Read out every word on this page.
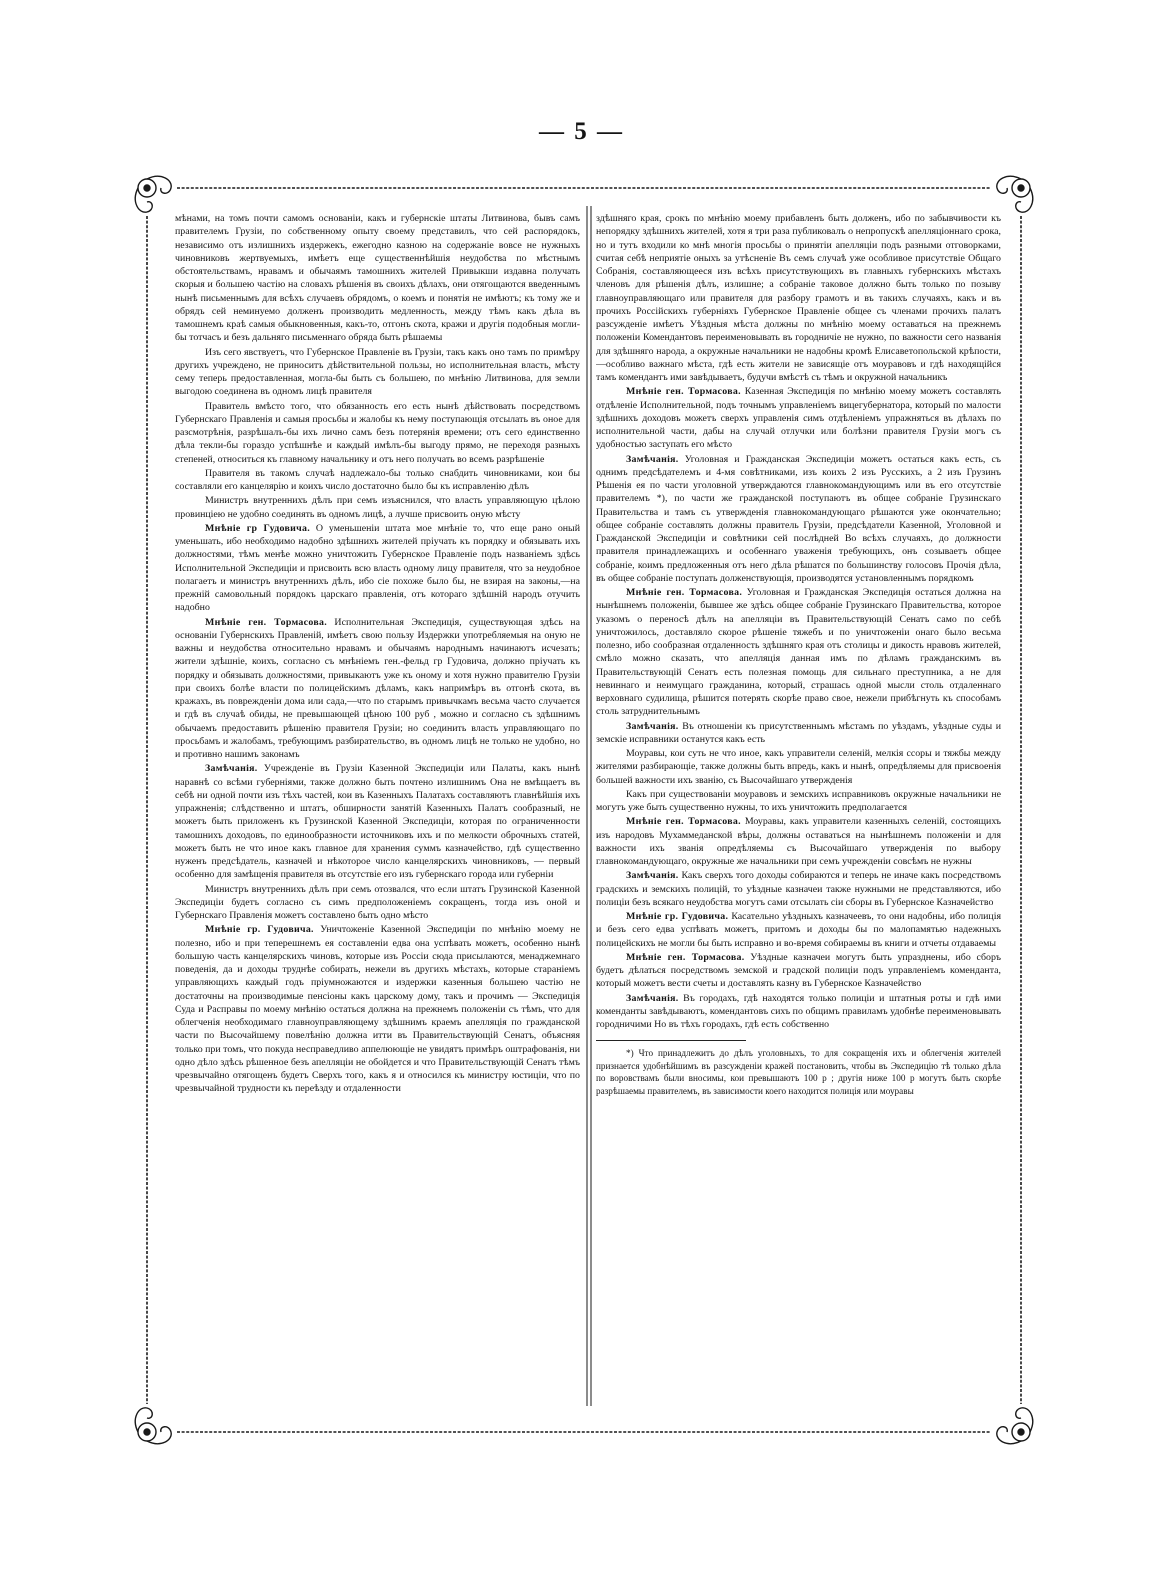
— 5 —

мѣнами, на томъ почти самомъ основаніи, какъ и губернскіе штаты Литвинова, бывъ самъ правителемъ Грузіи, по собственному опыту своему представилъ, что сей распорядокъ, независимо отъ излишнихъ издержекъ, ежегодно казною на содержаніе вовсе не нужныхъ чиновниковъ жертвуемыхъ, имѣетъ еще существеннѣйшія неудобства по мѣстнымъ обстоятельствамъ, нравамъ и обычаямъ тамошнихъ жителей Привыкши издавна получать скорыя и большею частію на словахъ рѣшенія въ своихъ дѣлахъ, они отягощаются введеннымъ нынѣ письменнымъ для всѣхъ случаевъ обрядомъ, о коемъ и понятія не имѣютъ; къ тому же и обрядъ сей неминуемо долженъ производить медленность, между тѣмъ какъ дѣла въ тамошнемъ краѣ самыя обыкновенныя, какъ-то, отгонъ скота, кражи и другія подобныя могли-бы тотчасъ и безъ дальняго письменнаго обряда быть рѣшаемы

Изъ сего явствуетъ, что Губернское Правленіе въ Грузіи, такъ какъ оно тамъ по примѣру другихъ учреждено, не приноситъ дѣйствительной пользы, но исполнительная власть, мѣсту сему теперь предоставленная, могла-бы быть съ большею, по мнѣнію Литвинова, для земли выгодою соединена въ одномъ лицѣ правителя

Правитель вмѣсто того, что обязанность его есть нынѣ дѣйствовать посредствомъ Губернскаго Правленія и самыя просьбы и жалобы къ нему поступающія отсылать въ оное для разсмотрѣнія, разрѣшалъ-бы ихъ лично самъ безъ потерянія времени; отъ сего единственно дѣла текли-бы гораздо успѣшнѣе и каждый имѣлъ-бы выгоду прямо, не переходя разныхъ степеней, относиться къ главному начальнику и отъ него получать во всемъ разрѣшеніе

Правителя въ такомъ случаѣ надлежало-бы только снабдить чиновниками, кои бы составляли его канцелярію и коихъ число достаточно было бы къ исправленію дѣлъ

Министръ внутреннихъ дѣлъ при семъ изъяснился, что власть управляющую цѣлою провинціею не удобно соединять въ одномъ лицѣ, а лучше присвоить оную мѣсту

Мнѣніе гр Гудовича. О уменьшеніи штата мое мнѣніе то, что еще рано оный уменьшать, ибо необходимо надобно здѣшнихъ жителей пріучать къ порядку и обязывать ихъ должностями, тѣмъ менѣе можно уничтожить Губернское Правленіе подъ названіемъ здѣсь Исполнительной Экспедиціи и присвоить всю власть одному лицу правителя, что за неудобное полагаетъ и министръ внутреннихъ дѣлъ, ибо сіе похоже было бы, не взирая на законы,—на прежній самовольный порядокъ царскаго правленія, отъ котораго здѣшній народъ отучить надобно

Мнѣніе ген. Тормасова. Исполнительная Экспедиція, существующая здѣсь на основаніи Губернскихъ Правленій, имѣетъ свою пользу Издержки употребляемыя на оную не важны и неудобства относительно нравамъ и обычаямъ народнымъ начинаютъ исчезать; жители здѣшніе, коихъ, согласно съ мнѣніемъ ген.-фельд гр Гудовича, должно пріучать къ порядку и обязывать должностями, привыкаютъ уже къ оному и хотя нужно правителю Грузіи при своихъ болѣе власти по полицейскимъ дѣламъ, какъ напримѣръ въ отгонѣ скота, въ кражахъ, въ поврежденіи дома или сада,—что по старымъ привычкамъ весьма часто случается и гдѣ въ случаѣ обиды, не превышающей цѣною 100 руб , можно и согласно съ здѣшнимъ обычаемъ предоставить рѣшенію правителя Грузіи; но соединить власть управляющаго по просьбамъ и жалобамъ, требующимъ разбирательство, въ одномъ лицѣ не только не удобно, но и противно нашимъ законамъ

Замѣчанія. Учрежденіе въ Грузіи Казенной Экспедиціи или Палаты, какъ нынѣ наравнѣ со всѣми губерніями, также должно быть почтено излишнимъ Она не вмѣщаетъ въ себѣ ни одной почти изъ тѣхъ частей, кои въ Казенныхъ Палатахъ составляютъ главнѣйшія ихъ упражненія; слѣдственно и штатъ, обширности занятій Казенныхъ Палатъ сообразный, не можетъ быть приложенъ къ Грузинской Казенной Экспедиціи, которая по ограниченности тамошнихъ доходовъ, по единообразности источниковъ ихъ и по мелкости оброчныхъ статей, можетъ быть не что иное какъ главное для хранения суммъ казначейство, гдѣ существенно нуженъ предсѣдатель, казначей и нѣкоторое число канцелярскихъ чиновниковъ, — первый особенно для замѣщенія правителя въ отсутствіе его изъ губернскаго города или губерніи

Министръ внутреннихъ дѣлъ при семъ отозвался, что если штатъ Грузинской Казенной Экспедиціи будетъ согласно съ симъ предположеніемъ сокращенъ, тогда изъ оной и Губернскаго Правленія можетъ составлено быть одно мѣсто

Мнѣніе гр. Гудовича. Уничтоженіе Казенной Экспедиціи по мнѣнію моему не полезно, ибо и при теперешнемъ ея составленіи едва она успѣвать можетъ, особенно нынѣ большую часть канцелярскихъ чиновъ, которые изъ Россіи сюда присылаются, менаджемнаго поведенія, да и доходы труднѣе собирать, нежели въ другихъ мѣстахъ, которые стараніемъ управляющихъ каждый годъ пріумножаются и издержки казенныя большею частію не достаточны на производимые пенсіоны какъ царскому дому, такъ и прочимъ — Экспедиція Суда и Расправы по моему мнѣнію остаться должна на прежнемъ положеніи съ тѣмъ, что для облегченія необходимаго главноуправляющему здѣшнимъ краемъ апелляція по гражданской части по Высочайшему повелѣнію должна итти въ Правительствующій Сенатъ, объясняя только при томъ, что покуда несправедливо аппелюющіе не увидятъ примѣръ оштрафованія, ни одно дѣло здѣсь рѣшенное безъ апелляціи не обойдется и что Правительствующій Сенатъ тѣмъ чрезвычайно отягощенъ будетъ Сверхъ того, какъ я и относился къ министру юстиціи, что по чрезвычайной трудности къ переѣзду и отдаленности

здѣшняго края, срокъ по мнѣнію моему прибавленъ быть долженъ, ибо по забывчивости къ непорядку здѣшнихъ жителей, хотя я три раза публиковалъ о непропускѣ апелляціоннаго срока, но и тутъ входили ко мнѣ многія просьбы о принятіи апелляціи подъ разными отговорками, считая себѣ неприятіе оныхъ за утѣсненіе Въ семъ случаѣ уже особливое присутствіе Общаго Собранія, составляющееся изъ всѣхъ присутствующихъ въ главныхъ губернскихъ мѣстахъ членовъ для рѣшенія дѣлъ, излишне; а собраніе таковое должно быть только по позыву главноуправляющаго или правителя для разбору грамотъ и въ такихъ случаяхъ, какъ и въ прочихъ Россійскихъ губерніяхъ Губернское Правленіе общее съ членами прочихъ палатъ разсужденіе имѣетъ Уѣздныя мѣста должны по мнѣнію моему оставаться на прежнемъ положеніи Комендантовъ переименовывать въ городничіе не нужно, по важности сего названія для здѣшняго народа, а окружные начальники не надобны кромѣ Елисаветопольской крѣпости,—особливо важнаго мѣста, гдѣ есть жители не зависящіе отъ моуравовъ и гдѣ находящійся тамъ комендантъ ими завѣдываетъ, будучи вмѣстѣ съ тѣмъ и окружной начальникъ

Мнѣніе ген. Тормасова. Казенная Экспедиція по мнѣнію моему можетъ составлять отдѣленіе Исполнительной, подъ точнымъ управленіемъ вицегубернатора, который по малости здѣшнихъ доходовъ можетъ сверхъ управленія симъ отдѣленіемъ упражняться въ дѣлахъ по исполнительной части, дабы на случай отлучки или болѣзни правителя Грузіи могъ съ удобностью заступать его мѣсто

Замѣчанія. Уголовная и Гражданская Экспедиціи можетъ остаться какъ есть, съ однимъ предсѣдателемъ и 4-мя совѣтниками, изъ коихъ 2 изъ Русскихъ, а 2 изъ Грузинъ Рѣшенія ея по части уголовной утверждаются главнокомандующимъ или въ его отсутствіе правителемъ *), по части же гражданской поступаютъ въ общее собраніе Грузинскаго Правительства и тамъ съ утвержденія главнокомандующаго рѣшаются уже окончательно; общее собраніе составлять должны правитель Грузіи, предсѣдатели Казенной, Уголовной и Гражданской Экспедиціи и совѣтники сей послѣдней Во всѣхъ случаяхъ, до должности правителя принадлежащихъ и особеннаго уваженія требующихъ, онъ созываетъ общее собраніе, коимъ предложенныя отъ него дѣла рѣшатся по большинству голосовъ Прочія дѣла, въ общее собраніе поступать долженствующія, производятся установленнымъ порядкомъ

Мнѣніе ген. Тормасова. Уголовная и Гражданская Экспедиція остаться должна на нынѣшнемъ положеніи, бывшее же здѣсь общее собраніе Грузинскаго Правительства, которое указомъ о переносѣ дѣлъ на апелляціи въ Правительствующій Сенатъ само по себѣ уничтожилось, доставляло скорое рѣшеніе тяжебъ и по уничтоженіи онаго было весьма полезно, ибо сообразная отдаленность здѣшняго края отъ столицы и дикость нравовъ жителей, смѣло можно сказать, что апелляція данная имъ по дѣламъ гражданскимъ въ Правительствующій Сенатъ есть полезная помощь для сильнаго преступника, а не для невиннаго и неимущаго гражданина, который, страшась одной мысли столь отдаленнаго верховнаго судилища, рѣшится потерять скорѣе право свое, нежели прибѣгнуть къ способамъ столь затруднительнымъ

Замѣчанія. Въ отношеніи къ присутственнымъ мѣстамъ по уѣздамъ, уѣздные суды и земскіе исправники останутся какъ есть

Моуравы, кои суть не что иное, какъ управители селеній, мелкія ссоры и тяжбы между жителями разбирающіе, также должны быть впредь, какъ и нынѣ, опредѣляемы для присвоенія большей важности ихъ званію, съ Высочайшаго утвержденія

Какъ при существованіи моуравовъ и земскихъ исправниковъ окружные начальники не могутъ уже быть существенно нужны, то ихъ уничтожить предполагается

Мнѣніе ген. Тормасова. Моуравы, какъ управители казенныхъ селеній, состоящихъ изъ народовъ Мухаммеданской вѣры, должны оставаться на нынѣшнемъ положеніи и для важности ихъ званія опредѣляемы съ Высочайшаго утвержденія по выбору главнокомандующаго, окружные же начальники при семъ учрежденіи совсѣмъ не нужны

Замѣчанія. Какъ сверхъ того доходы собираются и теперь не иначе какъ посредствомъ градскихъ и земскихъ полицій, то уѣздные казначеи также нужными не представляются, ибо полиціи безъ всякаго неудобства могутъ сами отсылать сіи сборы въ Губернское Казначейство

Мнѣніе гр. Гудовича. Касательно уѣздныхъ казначеевъ, то они надобны, ибо полиція и безъ сего едва успѣвать можетъ, притомъ и доходы бы по малопамятью надежныхъ полицейскихъ не могли бы быть исправно и во-время собираемы въ книги и отчеты отдаваемы

Мнѣніе ген. Тормасова. Уѣздные казначеи могутъ быть упразднены, ибо сборъ будетъ дѣлаться посредствомъ земской и градской полиціи подъ управленіемъ коменданта, который можетъ вести счеты и доставлять казну въ Губернское Казначейство

Замѣчанія. Въ городахъ, гдѣ находятся только полиціи и штатныя роты и гдѣ ими коменданты завѣдываютъ, комендантовъ сихъ по общимъ правиламъ удобнѣе переименовывать городничими Но въ тѣхъ городахъ, гдѣ есть собственно

*) Что принадлежитъ до дѣлъ уголовныхъ, то для сокращенія ихъ и облегченія жителей признается удобнѣйшимъ въ разсужденіи кражей постановить, чтобы въ Экспедицію тѣ только дѣла по воровствамъ были вносимы, кои превышаютъ 100 р ; другія ниже 100 р могутъ быть скорѣе разрѣшаемы правителемъ, въ зависимости коего находится полиція или моуравы
